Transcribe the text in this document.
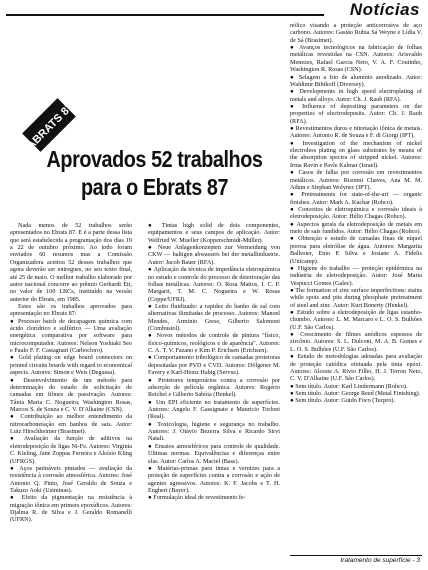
Notícias
ABRATS 87
Aprovados 52 trabalhos
para o Ebrats 87

Nada menos de 52 trabalhos serão apresentados no Ebrats 87. E é a parte dessa lista que será estabelecida a programação dos dias 19 a 22 de outubro próximo. Ao todo foram enviados 60 resumos mas a Comissão Organizadora aceitou 52 desses trabalhos que agora deverão ser entregues, no seu texto final, até 25 de maio. O melhor trabalho elaborado por autor nacional concorre ao prêmio Gerhardt Ett, no valor de 100 LBCs, instituído na versão anterior do Ebrats, em 1985.

Estes são os trabalhos aprovados para apresentação no Ebrats 87:

● Processo batch de decapagem química com ácido clorídrico e sulfúrico — Uma avaliação energética comparativa por software para microcomputador. Autores: Nelson Yoshiaki Seo e Paulo F. F. Castagnari (Carbocloro).

● Gold plating on edge board connectors on printed circuits boards with regard to economical aspects. Autores: Simon e Weis (Degussa).

● Desenvolvimento de um método para determinação do estado de solicitação de camadas em filmes de passivação. Autores: Tânia Maria C. Nogueira; Washington Rosas, Marcos S. de Souza e C. V. D'Alkaine (CSN).

● Contribuição ao melhor entendimento da nitrocarbonetação em banhos de sais. Autor: Luiz Hirschheimer (Brasimet).

● Avaliação da função de aditivos na eletrodeposição de ligas Ni-Fe. Autores: Virginia C. Kieling, Jane Zoppas Ferreira e Aloísio Kling (UFRGS).

● Aços patináveis pintados — avaliação da resistência à corrosão atmosférica. Autores: José Antonio Q. Pinto, José Geraldo de Souza e Takuzo Aoki (Usiminas).

● Efeito da pigmentação na resistência à migração iônica em primers epoxídicos. Autores: Djalma R. de Silva e J. Geraldo Romanelli (UFRN).

● Tintas high solid de dois componentes, equipamentos e seus campos de aplicação. Autor: Welfried W. Mueller (Kopperschmidt-Müller).

● Neue Anlagenkonzepten zur Vermeidung von CKW — haltigen abwassers bei der metallindustrie. Autor: Jacob Bauer (RFA).

● Aplicação da técnica de impedância eletroquímica no estudo e controle do processo de deterioração das folhas metálicas. Autores: O. Rosa Mattos, I. C. P. Margarit, T. M. C. Nogueira e W. Rosas (Coppe/UFRJ).

● Leito fluidizado: a rapidez do banho de sal com alternativas ilimitadas de processo. Autores: Manoel Mendes, Arminio Grese, Gilberto Salomoni (Combustol).

● Novos métodos de controle de pintura "físico, físico-químicos, reológicos e de aparência". Autores: C. A. T. V. Fazano e Kim P. Erichsen (Erichsen).

● Comportamento tribológico de camadas protetoras depositadas por PVD e CVD. Autores: Dölgener M. Favery e Karl-Heinz Habig (Servus).

● Protetores temporários contra a corrosão por adsorção de película orgânica. Autores: Rogério Reichel e Gilberto Sabóia (Henkel).

● Um EPI eficiente no tratamento de superfícies. Autores: Angelo F. Gassignato e Mauricio Torloni (Real).

● Toxicologia, higiene e segurança no trabalho. Autores: J. Otávio Bezerra Silva e Ricardo Sirvi Natali.

● Ensaios atmosféricos para controle de qualidade. Ultimas normas. Equivalências e diferenças entre elas. Autor: Carlos A. Maciel (Bass).

● Matérias-primas para tintas e vernizes para a proteção de superfícies contra a corrosão e ação de agentes agressivos. Autores: K. F. Jacobs e T. H. Enghert (Bayer).

● Formulação ideal de revestimento fe-

nólico visando a proteção anticorrosiva de aço carbono. Autores: Gastão Rubia Sá Weyne e Lídia V. de Sá (Brasimet).

● Avanços tecnológicos na fabricação de folhas metálicas revestidas na CSN. Autores: Arisvaldo Menezes, Rafael Garcia Neto, V. A. F. Coutinho, Washington R. Rosas (CSN).

● Selagem a frio de alumínio anodizado. Autor: Waldimir Bibikoff (Diversey).

● Developments in high speed electroplating of metals and alloys. Autor: Ch. J. Raub (RFA).

● Influence of depositing parameters on the properties of electrodeposits. Autor: Ch. J. Raub (RFA).

● Revestimentos duros e nitretação iônica de metais. Autores: Antonio R. de Souza e F. di Giorgi (IPT).

● Investigation of the mechanism of nickel electroless plating on glass substrates by means of the absorption spectra of stripped nickel. Autores: Irma Ravin e Pavle Kalmar (Israel).

● Casos de falha por corrosão em revestimentos metálicos. Autores: Risonni Chaves, Ana M. M. Adum e Stephan Wolynec (IPT).

● Pretreatments for state-of-the-art — organic finishes. Autor: Mark A. Kuchar (Rohco).

● Conceitos de eletroquímica e corrosão ideais à eletrodeposição. Autor: Hélio Chagas (Rohco).

● Aspectos gerais da eletrodeposição de metais em meio de sais fundidos. Autor: Hélio Chagas (Rohco).

● Obtenção e estudo de camadas finas de níquel porosa para eletrólise de água. Autores: Margarita Ballester, Enio P. Silva e Josiane A. Fidelis (Unicamp).

● Higiene do trabalho — proteção epidérmica na indústria de eletrodeposição. Autor: José Maria Vespucci Gomes (Galec).

● The formation of zinc surface imperfections: stains while spots and pits during phosphate pretreatment of steel and zinc. Autor: Kurt Bonerty (Henkel).

● Estudo sobre a eletrodeposição de ligas estanho-chumbo. Autores: L. M. Marcaro e L. O. S. Bulhões (U.F. São Carlos).

● Crescimento de filmes anódicos espessos de zircônio. Autores: S. L. Dulconi, M. A. B. Gomes e L. O. S. Bulhões (U.F. São Carlos).

● Estudo de metodologias adotadas para avaliação de proteção catódica efetuada pela tinta epóxi. Autores: Alceste A. Rivio Filho, H. J. Terron Neto, C. V. D'Alkaine (U.F. São Carlos).

● Sem título. Autor: Karl Lindermann (Rohco).

● Sem título. Autor: George Reed (Metal Finishing).

● Sem título. Autor: Guido Foco (Tecpro).

tratamento de superfície - 3
